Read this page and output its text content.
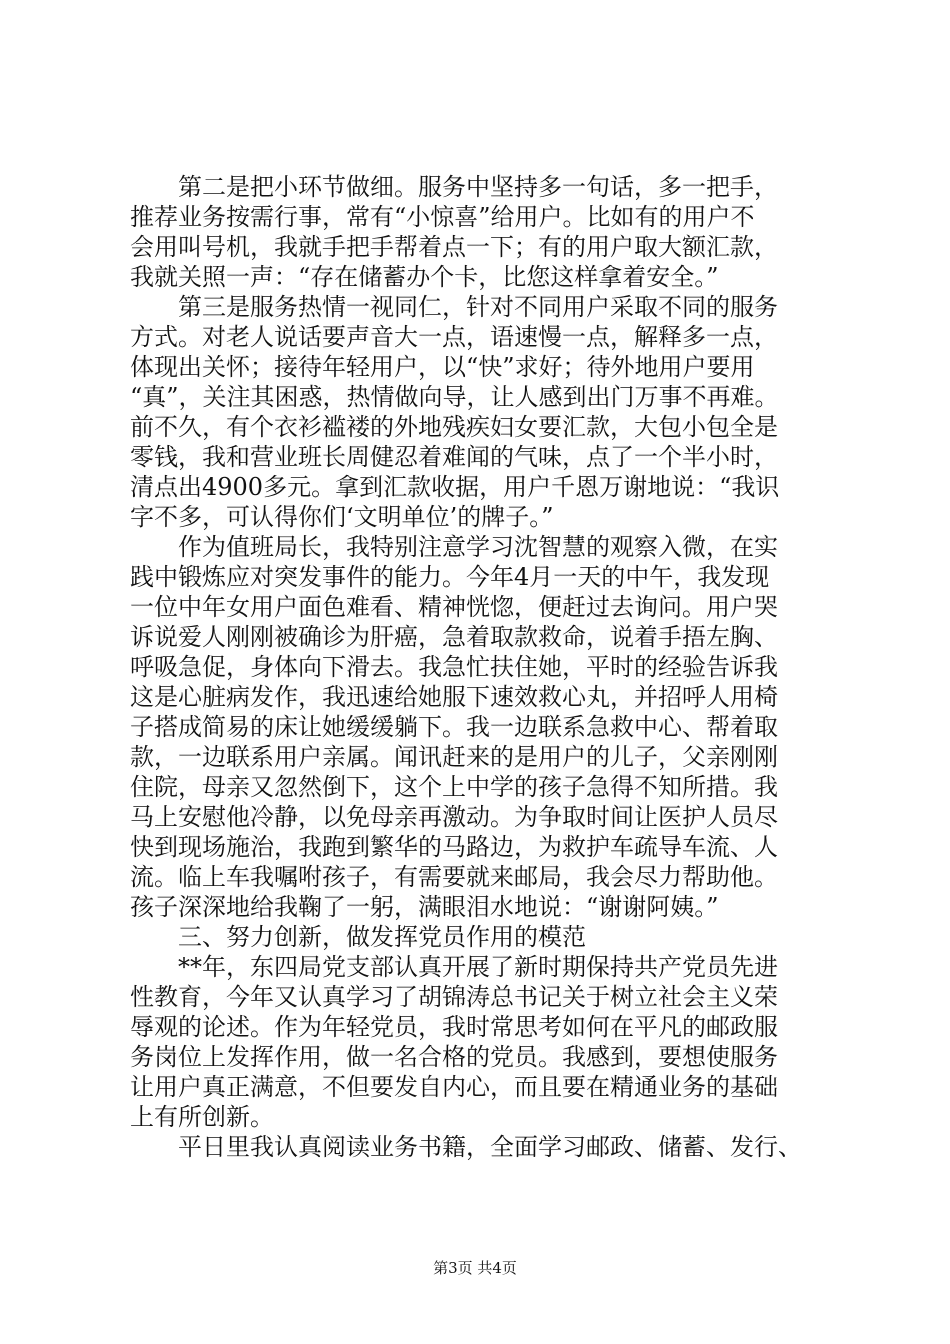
　　第二是把小环节做细。服务中坚持多一句话，多一把手，
推荐业务按需行事，常有“小惊喜”给用户。比如有的用户不
会用叫号机，我就手把手帮着点一下；有的用户取大额汇款，
我就关照一声：“存在储蓄办个卡，比您这样拿着安全。”
　　第三是服务热情一视同仁，针对不同用户采取不同的服务
方式。对老人说话要声音大一点，语速慢一点，解释多一点，
体现出关怀；接待年轻用户，以“快”求好；待外地用户要用
“真”，关注其困惑，热情做向导，让人感到出门万事不再难。
前不久，有个衣衫褴褛的外地残疾妇女要汇款，大包小包全是
零钱，我和营业班长周健忍着难闻的气味，点了一个半小时，
清点出4900多元。拿到汇款收据，用户千恩万谢地说：“我识
字不多，可认得你们‘文明单位’的牌子。”
　　作为值班局长，我特别注意学习沈智慧的观察入微，在实
践中锻炼应对突发事件的能力。今年4月一天的中午，我发现
一位中年女用户面色难看、精神恍惚，便赶过去询问。用户哭
诉说爱人刚刚被确诊为肝癌，急着取款救命，说着手捂左胸、
呼吸急促，身体向下滑去。我急忙扶住她，平时的经验告诉我
这是心脏病发作，我迅速给她服下速效救心丸，并招呼人用椅
子搭成简易的床让她缓缓躺下。我一边联系急救中心、帮着取
款，一边联系用户亲属。闻讯赶来的是用户的儿子，父亲刚刚
住院，母亲又忽然倒下，这个上中学的孩子急得不知所措。我
马上安慰他冷静，以免母亲再激动。为争取时间让医护人员尽
快到现场施治，我跑到繁华的马路边，为救护车疏导车流、人
流。临上车我嘱咐孩子，有需要就来邮局，我会尽力帮助他。
孩子深深地给我鞠了一躬，满眼泪水地说：“谢谢阿姨。”
　　三、努力创新，做发挥党员作用的模范
　　**年，东四局党支部认真开展了新时期保持共产党员先进
性教育，今年又认真学习了胡锦涛总书记关于树立社会主义荣
辱观的论述。作为年轻党员，我时常思考如何在平凡的邮政服
务岗位上发挥作用，做一名合格的党员。我感到，要想使服务
让用户真正满意，不但要发自内心，而且要在精通业务的基础
上有所创新。
　　平日里我认真阅读业务书籍，全面学习邮政、储蓄、发行、
第3页 共4页
